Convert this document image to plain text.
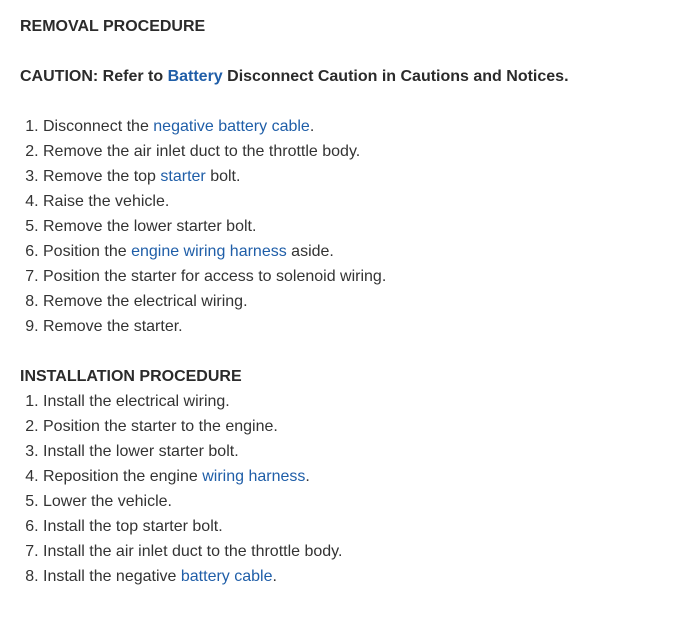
REMOVAL PROCEDURE

CAUTION: Refer to Battery Disconnect Caution in Cautions and Notices.

1. Disconnect the negative battery cable.
2. Remove the air inlet duct to the throttle body.
3. Remove the top starter bolt.
4. Raise the vehicle.
5. Remove the lower starter bolt.
6. Position the engine wiring harness aside.
7. Position the starter for access to solenoid wiring.
8. Remove the electrical wiring.
9. Remove the starter.

INSTALLATION PROCEDURE

1. Install the electrical wiring.
2. Position the starter to the engine.
3. Install the lower starter bolt.
4. Reposition the engine wiring harness.
5. Lower the vehicle.
6. Install the top starter bolt.
7. Install the air inlet duct to the throttle body.
8. Install the negative battery cable.
